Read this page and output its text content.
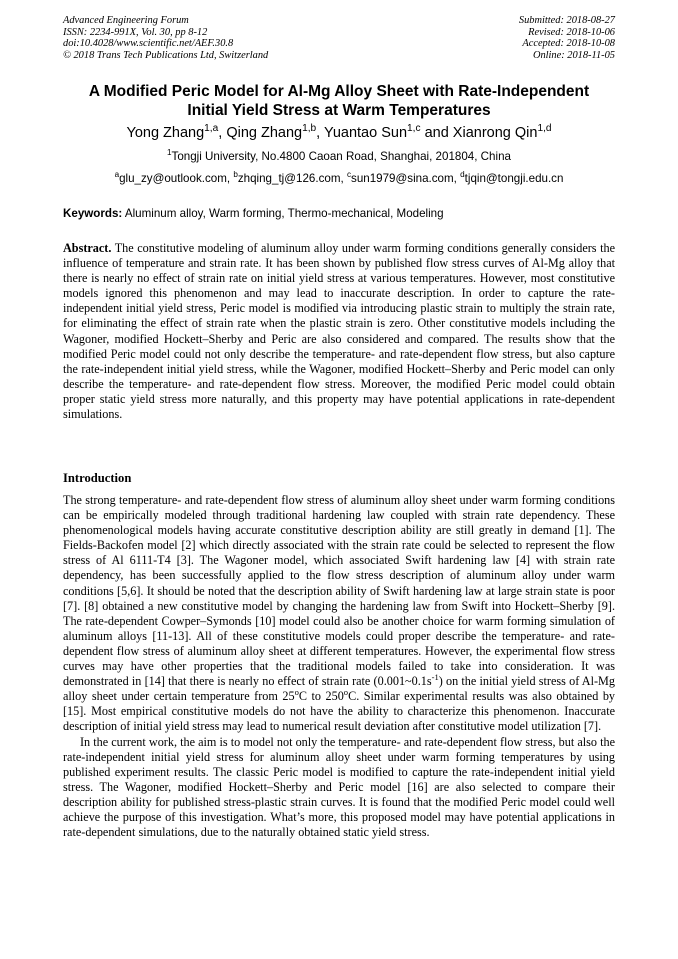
Advanced Engineering Forum
ISSN: 2234-991X, Vol. 30, pp 8-12
doi:10.4028/www.scientific.net/AEF.30.8
© 2018 Trans Tech Publications Ltd, Switzerland
Submitted: 2018-08-27
Revised: 2018-10-06
Accepted: 2018-10-08
Online: 2018-11-05
A Modified Peric Model for Al-Mg Alloy Sheet with Rate-Independent
Initial Yield Stress at Warm Temperatures
Yong Zhang$^{1,a}$, Qing Zhang$^{1,b}$, Yuantao Sun$^{1,c}$ and Xianrong Qin$^{1,d}$
$^1$Tongji University, No.4800 Caoan Road, Shanghai, 201804, China
$^a$glu_zy@outlook.com, $^b$zhqing_tj@126.com, $^c$sun1979@sina.com, $^d$tjqin@tongji.edu.cn
Keywords: Aluminum alloy, Warm forming, Thermo-mechanical, Modeling
Abstract. The constitutive modeling of aluminum alloy under warm forming conditions generally considers the influence of temperature and strain rate. It has been shown by published flow stress curves of Al-Mg alloy that there is nearly no effect of strain rate on initial yield stress at various temperatures. However, most constitutive models ignored this phenomenon and may lead to inaccurate description. In order to capture the rate-independent initial yield stress, Peric model is modified via introducing plastic strain to multiply the strain rate, for eliminating the effect of strain rate when the plastic strain is zero. Other constitutive models including the Wagoner, modified Hockett–Sherby and Peric are also considered and compared. The results show that the modified Peric model could not only describe the temperature- and rate-dependent flow stress, but also capture the rate-independent initial yield stress, while the Wagoner, modified Hockett–Sherby and Peric model can only describe the temperature- and rate-dependent flow stress. Moreover, the modified Peric model could obtain proper static yield stress more naturally, and this property may have potential applications in rate-dependent simulations.
Introduction

The strong temperature- and rate-dependent flow stress of aluminum alloy sheet under warm forming conditions can be empirically modeled through traditional hardening law coupled with strain rate dependency. These phenomenological models having accurate constitutive description ability are still greatly in demand [1]. The Fields-Backofen model [2] which directly associated with the strain rate could be selected to represent the flow stress of Al 6111-T4 [3]. The Wagoner model, which associated Swift hardening law [4] with strain rate dependency, has been successfully applied to the flow stress description of aluminum alloy under warm conditions [5,6]. It should be noted that the description ability of Swift hardening law at large strain state is poor [7]. [8] obtained a new constitutive model by changing the hardening law from Swift into Hockett–Sherby [9]. The rate-dependent Cowper–Symonds [10] model could also be another choice for warm forming simulation of aluminum alloys [11-13]. All of these constitutive models could proper describe the temperature- and rate-dependent flow stress of aluminum alloy sheet at different temperatures. However, the experimental flow stress curves may have other properties that the traditional models failed to take into consideration. It was demonstrated in [14] that there is nearly no effect of strain rate $(0.001\sim 0.1s^{-1})$ on the initial yield stress of Al-Mg alloy sheet under certain temperature from 25$^o$C to 250$^o$C. Similar experimental results was also obtained by [15]. Most empirical constitutive models do not have the ability to characterize this phenomenon. Inaccurate description of initial yield stress may lead to numerical result deviation after constitutive model utilization [7].

In the current work, the aim is to model not only the temperature- and rate-dependent flow stress, but also the rate-independent initial yield stress for aluminum alloy sheet under warm forming temperatures by using published experiment results. The classic Peric model is modified to capture the rate-independent initial yield stress. The Wagoner, modified Hockett–Sherby and Peric model [16] are also selected to compare their description ability for published stress-plastic strain curves. It is found that the modified Peric model could well achieve the purpose of this investigation. What’s more, this proposed model may have potential applications in rate-dependent simulations, due to the naturally obtained static yield stress.
